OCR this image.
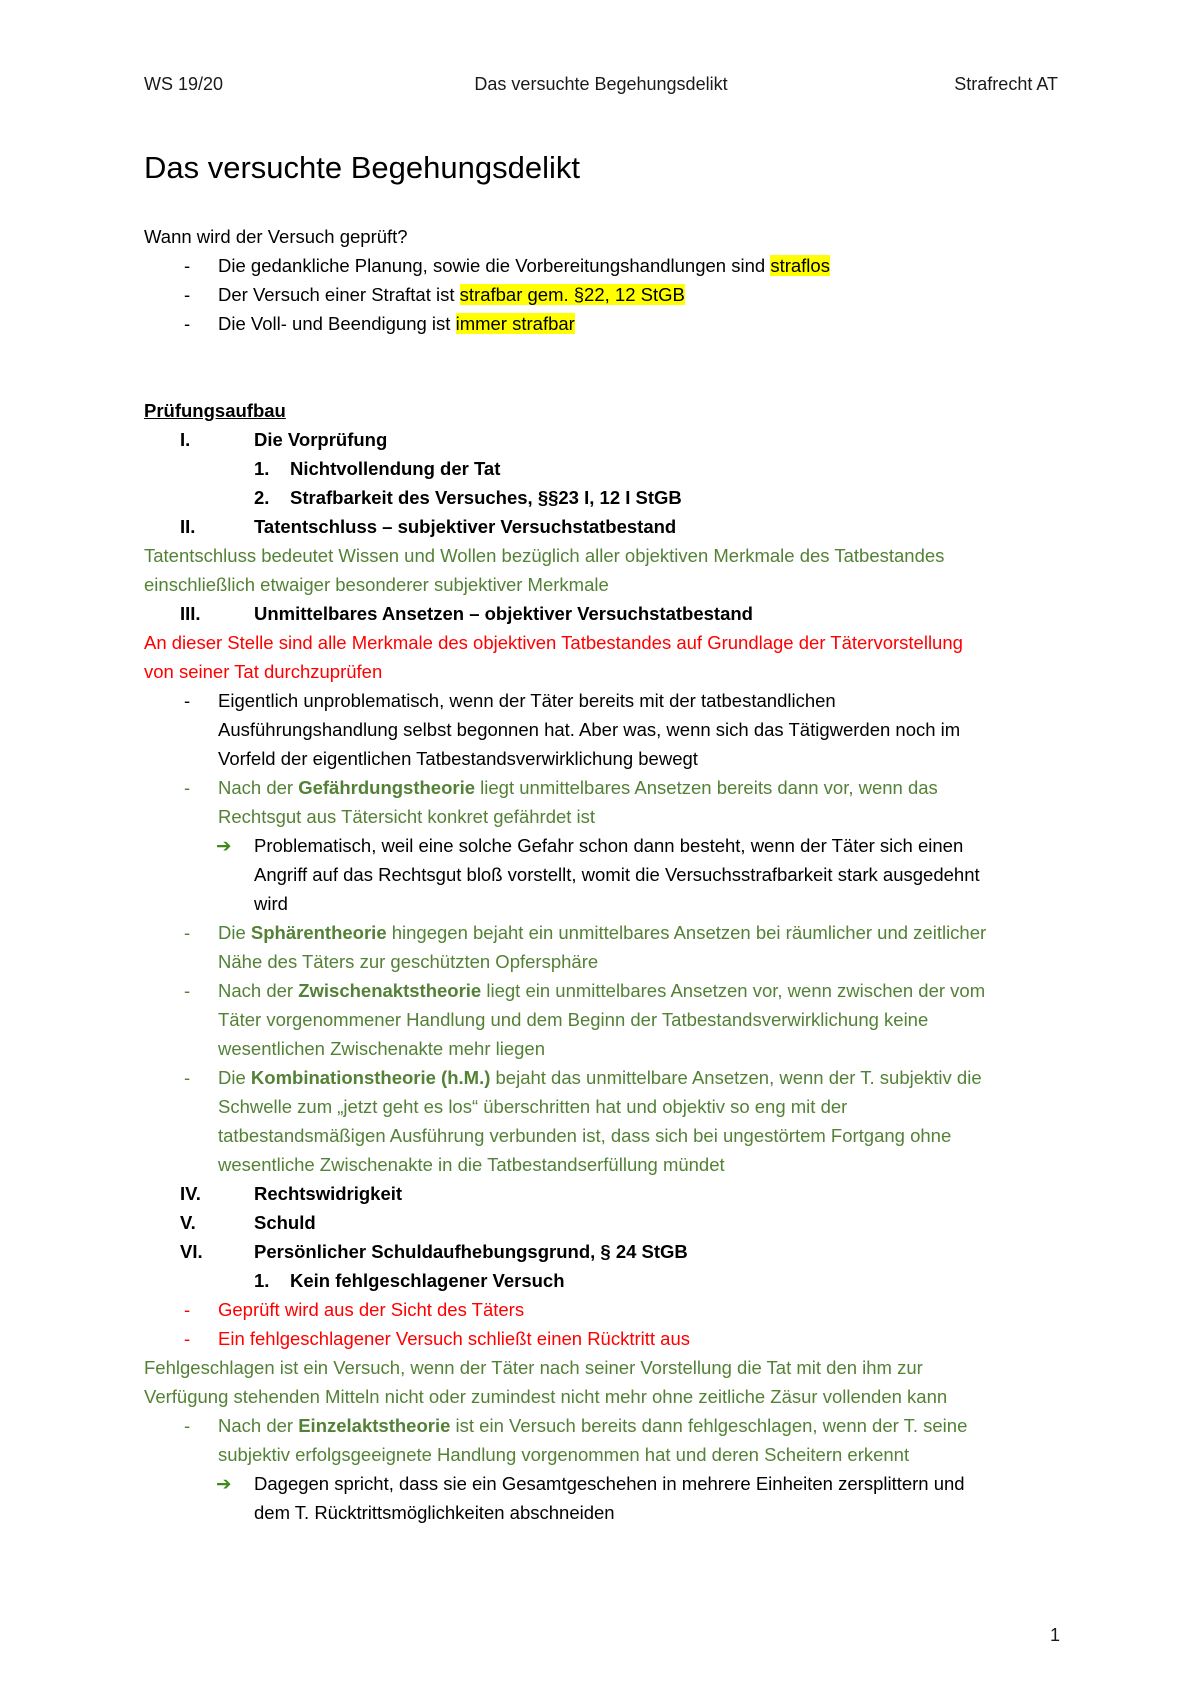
WS 19/20	Das versuchte Begehungsdelikt	Strafrecht AT
Das versuchte Begehungsdelikt
Wann wird der Versuch geprüft?
- Die gedankliche Planung, sowie die Vorbereitungshandlungen sind straflos
- Der Versuch einer Straftat ist strafbar gem. §22, 12 StGB
- Die Voll- und Beendigung ist immer strafbar
Prüfungsaufbau
I.	Die Vorprüfung
1. Nichtvollendung der Tat
2. Strafbarkeit des Versuches, §§23 I, 12 I StGB
II.	Tatentschluss – subjektiver Versuchstatbestand
Tatentschluss bedeutet Wissen und Wollen bezüglich aller objektiven Merkmale des Tatbestandes
einschließlich etwaiger besonderer subjektiver Merkmale
III.	Unmittelbares Ansetzen – objektiver Versuchstatbestand
An dieser Stelle sind alle Merkmale des objektiven Tatbestandes auf Grundlage der Tätervorstellung
von seiner Tat durchzuprüfen
- Eigentlich unproblematisch, wenn der Täter bereits mit der tatbestandlichen
Ausführungshandlung selbst begonnen hat. Aber was, wenn sich das Tätigwerden noch im
Vorfeld der eigentlichen Tatbestandsverwirklichung bewegt
- Nach der Gefährdungstheorie liegt unmittelbares Ansetzen bereits dann vor, wenn das
Rechtsgut aus Tätersicht konkret gefährdet ist
➔ Problematisch, weil eine solche Gefahr schon dann besteht, wenn der Täter sich einen
Angriff auf das Rechtsgut bloß vorstellt, womit die Versuchsstrafbarkeit stark ausgedehnt
wird
- Die Sphärentheorie hingegen bejaht ein unmittelbares Ansetzen bei räumlicher und zeitlicher
Nähe des Täters zur geschützten Opfersphäre
- Nach der Zwischenaktstheorie liegt ein unmittelbares Ansetzen vor, wenn zwischen der vom
Täter vorgenommener Handlung und dem Beginn der Tatbestandsverwirklichung keine
wesentlichen Zwischenakte mehr liegen
- Die Kombinationstheorie (h.M.) bejaht das unmittelbare Ansetzen, wenn der T. subjektiv die
Schwelle zum „jetzt geht es los“ überschritten hat und objektiv so eng mit der
tatbestandsmäßigen Ausführung verbunden ist, dass sich bei ungestörtem Fortgang ohne
wesentliche Zwischenakte in die Tatbestandserfüllung mündet
IV.	Rechtswidrigkeit
V.	Schuld
VI.	Persönlicher Schuldaufhebungsgrund, § 24 StGB
1. Kein fehlgeschlagener Versuch
- Geprüft wird aus der Sicht des Täters
- Ein fehlgeschlagener Versuch schließt einen Rücktritt aus
Fehlgeschlagen ist ein Versuch, wenn der Täter nach seiner Vorstellung die Tat mit den ihm zur
Verfügung stehenden Mitteln nicht oder zumindest nicht mehr ohne zeitliche Zäsur vollenden kann
- Nach der Einzelaktstheorie ist ein Versuch bereits dann fehlgeschlagen, wenn der T. seine
subjektiv erfolgsgeeignete Handlung vorgenommen hat und deren Scheitern erkennt
➔ Dagegen spricht, dass sie ein Gesamtgeschehen in mehrere Einheiten zersplittern und
dem T. Rücktrittsmöglichkeiten abschneiden
1
